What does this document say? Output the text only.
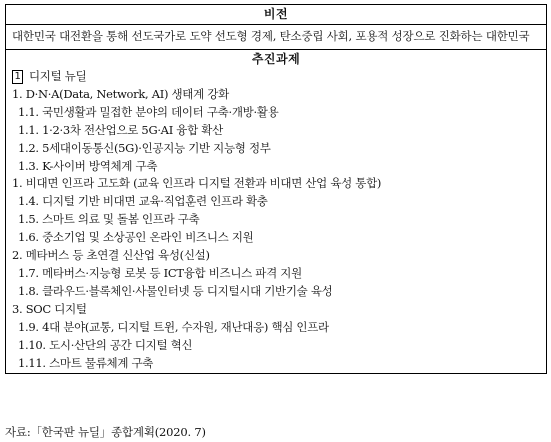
비전

대한민국 대전환을 통해 선도국가로 도약 선도형 경제, 탄소중립 사회, 포용적 성장으로 진화하는 대한민국

추진과제
1 디지털 뉴딜
1. D·N·A(Data, Network, AI) 생태계 강화
1.1. 국민생활과 밀접한 분야의 데이터 구축·개방·활용
1.1. 1·2·3차 전산업으로 5G·AI 융합 확산
1.2. 5세대이동통신(5G)·인공지능 기반 지능형 정부
1.3. K-사이버 방역체계 구축
1. 비대면 인프라 고도화 (교육 인프라 디지털 전환과 비대면 산업 육성 통합)
1.4. 디지털 기반 비대면 교육·직업훈련 인프라 확충
1.5. 스마트 의료 및 돌봄 인프라 구축
1.6. 중소기업 및 소상공인 온라인 비즈니스 지원
2. 메타버스 등 초연결 신산업 육성(신설)
1.7. 메타버스·지능형 로봇 등 ICT융합 비즈니스 파격 지원
1.8. 클라우드·블록체인·사물인터넷 등 디지털시대 기반기술 육성
3. SOC 디지털
1.9. 4대 분야(교통, 디지털 트윈, 수자원, 재난대응) 핵심 인프라
1.10. 도시·산단의 공간 디지털 혁신
1.11. 스마트 물류체계 구축
자료:「한국판 뉴딜」종합계획(2020. 7)
